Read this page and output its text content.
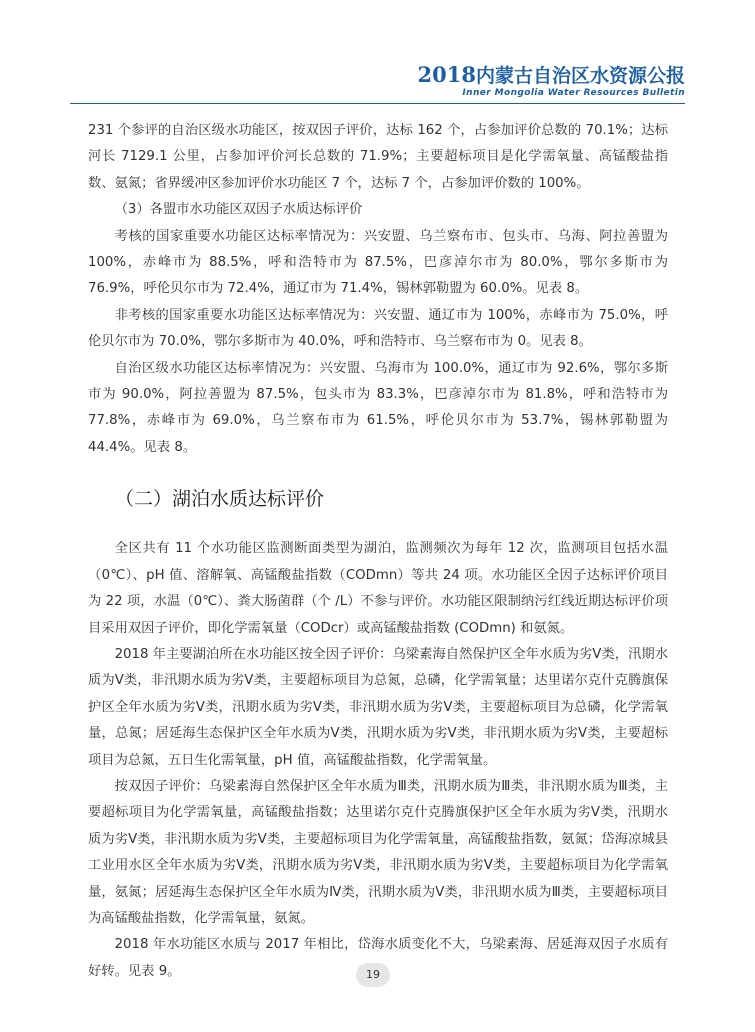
2018内蒙古自治区水资源公报
Inner Mongolia Water Resources Bulletin

231 个参评的自治区级水功能区，按双因子评价，达标 162 个，占参加评价总数的 70.1%；达标河长 7129.1 公里，占参加评价河长总数的 71.9%；主要超标项目是化学需氧量、高锰酸盐指数、氨氮；省界缓冲区参加评价水功能区 7 个，达标 7 个，占参加评价数的 100%。

（3）各盟市水功能区双因子水质达标评价

考核的国家重要水功能区达标率情况为：兴安盟、乌兰察布市、包头市、乌海、阿拉善盟为 100%，赤峰市为 88.5%，呼和浩特市为 87.5%，巴彦淖尔市为 80.0%，鄂尔多斯市为 76.9%，呼伦贝尔市为 72.4%，通辽市为 71.4%，锡林郭勒盟为 60.0%。见表 8。

非考核的国家重要水功能区达标率情况为：兴安盟、通辽市为 100%，赤峰市为 75.0%，呼伦贝尔市为 70.0%，鄂尔多斯市为 40.0%，呼和浩特市、乌兰察布市为 0。见表 8。

自治区级水功能区达标率情况为：兴安盟、乌海市为 100.0%，通辽市为 92.6%，鄂尔多斯市为 90.0%，阿拉善盟为 87.5%，包头市为 83.3%，巴彦淖尔市为 81.8%，呼和浩特市为 77.8%，赤峰市为 69.0%，乌兰察布市为 61.5%，呼伦贝尔市为 53.7%，锡林郭勒盟为 44.4%。见表 8。

（二）湖泊水质达标评价

全区共有 11 个水功能区监测断面类型为湖泊，监测频次为每年 12 次，监测项目包括水温（0℃）、pH 值、溶解氧、高锰酸盐指数（CODmn）等共 24 项。水功能区全因子达标评价项目为 22 项，水温（0℃）、粪大肠菌群（个 /L）不参与评价。水功能区限制纳污红线近期达标评价项目采用双因子评价，即化学需氧量（CODcr）或高锰酸盐指数 (CODmn) 和氨氮。

2018 年主要湖泊所在水功能区按全因子评价：乌梁素海自然保护区全年水质为劣Ⅴ类，汛期水质为Ⅴ类，非汛期水质为劣Ⅴ类，主要超标项目为总氮，总磷，化学需氧量；达里诺尔克什克腾旗保护区全年水质为劣Ⅴ类，汛期水质为劣Ⅴ类，非汛期水质为劣Ⅴ类，主要超标项目为总磷，化学需氧量，总氮；居延海生态保护区全年水质为Ⅴ类，汛期水质为劣Ⅴ类，非汛期水质为劣Ⅴ类，主要超标项目为总氮，五日生化需氧量，pH 值，高锰酸盐指数，化学需氧量。

按双因子评价：乌梁素海自然保护区全年水质为Ⅲ类，汛期水质为Ⅲ类，非汛期水质为Ⅲ类，主要超标项目为化学需氧量，高锰酸盐指数；达里诺尔克什克腾旗保护区全年水质为劣Ⅴ类，汛期水质为劣Ⅴ类，非汛期水质为劣Ⅴ类，主要超标项目为化学需氧量，高锰酸盐指数，氨氮；岱海凉城县工业用水区全年水质为劣Ⅴ类，汛期水质为劣Ⅴ类，非汛期水质为劣Ⅴ类，主要超标项目为化学需氧量，氨氮；居延海生态保护区全年水质为Ⅳ类，汛期水质为Ⅴ类，非汛期水质为Ⅲ类，主要超标项目为高锰酸盐指数，化学需氧量，氨氮。

2018 年水功能区水质与 2017 年相比，岱海水质变化不大，乌梁素海、居延海双因子水质有好转。见表 9。	19
